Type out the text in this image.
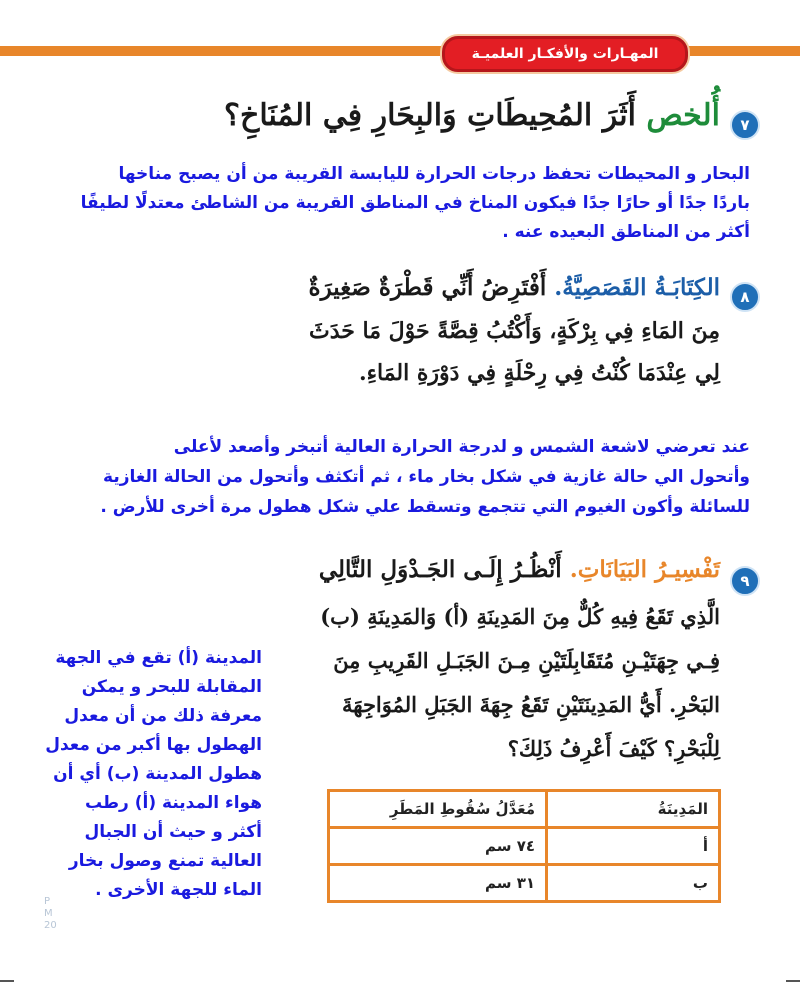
المهـارات والأفكـار العلميـة
٧
أُلخص أَثَرَ المُحِيطَاتِ وَالبِحَارِ فِي المُنَاخِ؟
البحار و المحيطات تحفظ درجات الحرارة لليابسة القريبة من أن يصبح مناخها
باردًا جدًا أو حارًا جدًا فيكون المناخ في المناطق القريبة من الشاطئ معتدلًا لطيفًا
أكثر من المناطق البعيده عنه .
٨
الكِتَابَـةُ القَصَصِيَّةُ. أَفْتَرِضُ أَنِّي قَطْرَةٌ صَغِيرَةٌ
مِنَ المَاءِ فِي بِرْكَةٍ، وَأَكْتُبُ قِصَّةً حَوْلَ مَا حَدَثَ
لِي عِنْدَمَا كُنْتُ فِي رِحْلَةٍ فِي دَوْرَةِ المَاءِ.
عند تعرضي لاشعة الشمس و لدرجة الحرارة العالية أتبخر وأصعد لأعلى
وأتحول الي حالة غازية في شكل بخار ماء ، ثم أتكثف وأتحول من الحالة الغازية
للسائلة وأكون الغيوم التي تتجمع وتسقط علي شكل هطول مرة أخرى للأرض .
٩
تَفْسِيـرُ البَيَانَاتِ. أَنْظُـرُ إِلَـى الجَـدْوَلِ التَّالِي
الَّذِي تَقَعُ فِيهِ كُلٌّ مِنَ المَدِينَةِ (أ) وَالمَدِينَةِ (ب)
فِـي جِهَتَيْـنِ مُتَقَابِلَتَيْنِ مِـنَ الجَبَـلِ القَرِيبِ مِنَ
البَحْرِ. أَيُّ المَدِينَتَيْنِ تَقَعُ جِهَةَ الجَبَلِ المُوَاجِهَةَ
لِلْبَحْرِ؟ كَيْفَ أَعْرِفُ ذَلِكَ؟
المدينة (أ) تقع في الجهة
المقابلة للبحر و يمكن
معرفة ذلك من أن معدل
الهطول بها أكبر من معدل
هطول المدينة (ب) أي أن
هواء المدينة (أ) رطب
أكثر و حيث أن الجبال
العالية تمنع وصول بخار
الماء للجهة الأخرى .
المَدِينَةُ	مُعَدَّلُ سُقُوطِ المَطَرِ
أ	٧٤ سم
ب	٣١ سم
P
M
20
